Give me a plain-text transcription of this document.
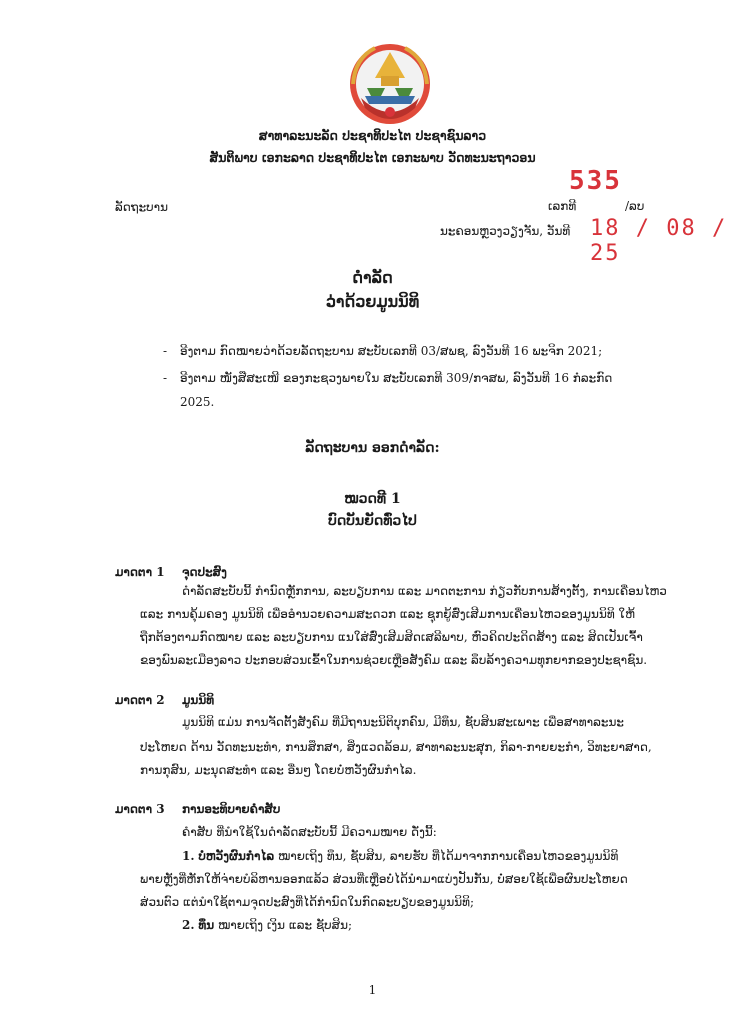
ສາທາລະນະລັດ ປະຊາທິປະໄຕ ປະຊາຊົນລາວ
ສັນຕິພາບ ເອກະລາດ ປະຊາທິປະໄຕ ເອກະພາບ ວັດທະນະຖາວອນ
ລັດຖະບານ
535
ເລກທີ	/ລບ
ນະຄອນຫຼວງວຽງຈັນ, ວັນທີ 18 / 08 / 25
ດຳລັດ
ວ່າດ້ວຍມູນນິທິ
- ອີງຕາມ ກົດໝາຍວ່າດ້ວຍລັດຖະບານ ສະບັບເລກທີ 03/ສພຊ, ລົງວັນທີ 16 ພະຈິກ 2021;
- ອີງຕາມ ໜັງສືສະເໜີ ຂອງກະຊວງພາຍໃນ ສະບັບເລກທີ 309/ກຈສພ, ລົງວັນທີ 16 ກໍລະກົດ
2025.
ລັດຖະບານ ອອກດຳລັດ:
ໝວດທີ 1
ບົດບັນຍັດທົ່ວໄປ
ມາດຕາ 1 ຈຸດປະສົງ
ດຳລັດສະບັບນີ້ ກຳນົດຫຼັກການ, ລະບຽບການ ແລະ ມາດຕະການ ກ່ຽວກັບການສ້າງຕັ້ງ, ການເຄື່ອນໄຫວ
ແລະ ການຄຸ້ມຄອງ ມູນນິທິ ເພື່ອອຳນວຍຄວາມສະດວກ ແລະ ຊຸກຍູ້ສົ່ງເສີມການເຄື່ອນໄຫວຂອງມູນນິທິ ໃຫ້
ຖືກຕ້ອງຕາມກົດໝາຍ ແລະ ລະບຽບການ ແນໃສ່ສົ່ງເສີມສິດເສລີພາບ, ຫົວຄິດປະດິດສ້າງ ແລະ ສິດເປັນເຈົ້າ
ຂອງພົນລະເມືອງລາວ ປະກອບສ່ວນເຂົ້າໃນການຊ່ວຍເຫຼືອສັງຄົມ ແລະ ລຶບລ້າງຄວາມທຸກຍາກຂອງປະຊາຊົນ.
ມາດຕາ 2 ມູນນິທິ
ມູນນິທິ ແມ່ນ ການຈັດຕັ້ງສັງຄົມ ທີ່ມີຖານະນິຕິບຸກຄົນ, ມີທຶນ, ຊັບສິນສະເພາະ ເພື່ອສາທາລະນະ
ປະໂຫຍດ ດ້ານ ວັດທະນະທຳ, ການສຶກສາ, ສິ່ງແວດລ້ອມ, ສາທາລະນະສຸກ, ກິລາ-ກາຍຍະກຳ, ວິທະຍາສາດ,
ການກຸສົນ, ມະນຸດສະທຳ ແລະ ອື່ນໆ ໂດຍບໍ່ຫວັງຜົນກຳໄລ.
ມາດຕາ 3 ການອະທິບາຍຄຳສັບ
ຄຳສັບ ທີ່ນຳໃຊ້ໃນດຳລັດສະບັບນີ້ ມີຄວາມໝາຍ ດັ່ງນີ້:
1. ບໍ່ຫວັງຜົນກຳໄລ ໝາຍເຖິງ ທຶນ, ຊັບສິນ, ລາຍຮັບ ທີ່ໄດ້ມາຈາກການເຄື່ອນໄຫວຂອງມູນນິທິ
ພາຍຫຼັງທີ່ຫັກໃຫ້ຈ່າຍບໍລິຫານອອກແລ້ວ ສ່ວນທີ່ເຫຼືອບໍ່ໄດ້ນຳມາແບ່ງປັນກັນ, ບໍ່ສອຍໃຊ້ເພື່ອຜົນປະໂຫຍດ
ສ່ວນຕົວ ແຕ່ນຳໃຊ້ຕາມຈຸດປະສົງທີ່ໄດ້ກຳນົດໃນກົດລະບຽບຂອງມູນນິທິ;
2. ທຶນ ໝາຍເຖິງ ເງິນ ແລະ ຊັບສິນ;
1
